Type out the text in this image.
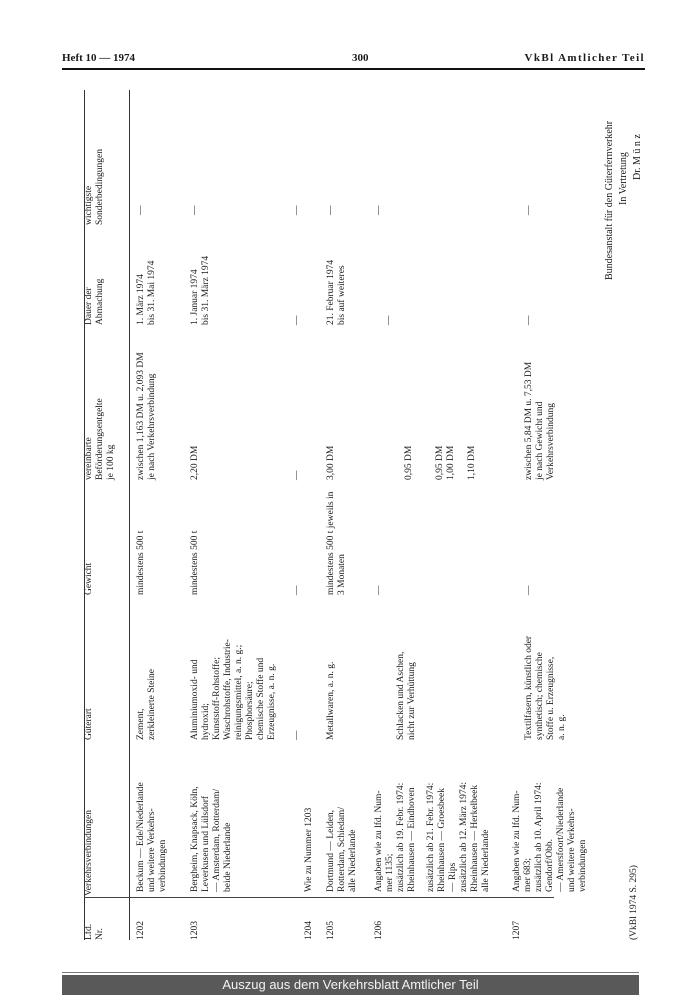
Heft 10 — 1974	300	VkBl Amtlicher Teil
Lfd. Nr.
Verkehrsverbindungen
Güterart
Gewicht
vereinbarte Beförderungsentgelte je 100 kg
Dauer der Abmachung
wichtigste Sonderbedingungen
1202
Beckum — Ede/Niederlande und weitere Verkehrs- verbindungen
Zement, zerkleinerte Steine
mindestens 500 t
zwischen 1,163 DM u. 2,093 DM je nach Verkehrsverbindung
1. März 1974 bis 31. Mai 1974
—
1203
Bergheim, Knapsack, Köln, Leverkusen und Lülsdorf — Amsterdam, Rotterdam/ beide Niederlande
Aluminiumoxid- und hydroxid; Kunststoff-Rohstoffe; Waschrohstoffe, Industrie- reinigungsmittel, a. n. g.; Phosphorsäure; chemische Stoffe und Erzeugnisse, a. n. g.
mindestens 500 t
2,20 DM
1. Januar 1974 bis 31. März 1974
—
1204
Wie zu Nummer 1203
—
—
—
—
—
1205
Dortmund — Leiden, Rotterdam, Schiedam/ alle Niederlande
Metallwaren, a. n. g.
mindestens 500 t jeweils in 3 Monaten
3,00 DM
21. Februar 1974 bis auf weiteres
—
1206
Angaben wie zu lfd. Num- mer 1135; zusätzlich ab 19. Febr. 1974: Rheinhausen — Eindhoven zusätzlich ab 21. Febr. 1974: Rheinhausen — Groesbeek — Rips zusätzlich ab 12. März 1974: Rheinhausen — Herkelbeek alle Niederlande
Schlacken und Aschen, nicht zur Verhüttung
—
0,95 DM 0,95 DM 1,00 DM 1,10 DM
—
—
1207
Angaben wie zu lfd. Num- mer 683; zusätzlich ab 10. April 1974: Gendorf/Obb. — Amersfoort/Niederlande und weitere Verkehrs- verbindungen
Textilfasern, künstlich oder synthetisch; chemische Stoffe u. Erzeugnisse, a. n. g.
—
zwischen 5,84 DM u. 7,53 DM je nach Gewicht und Verkehrsverbindung
—
—
(VkBl 1974 S. 295)
Bundesanstalt für den Güterfernverkehr In Vertretung Dr. M ü n z
Auszug aus dem Verkehrsblatt Amtlicher Teil
